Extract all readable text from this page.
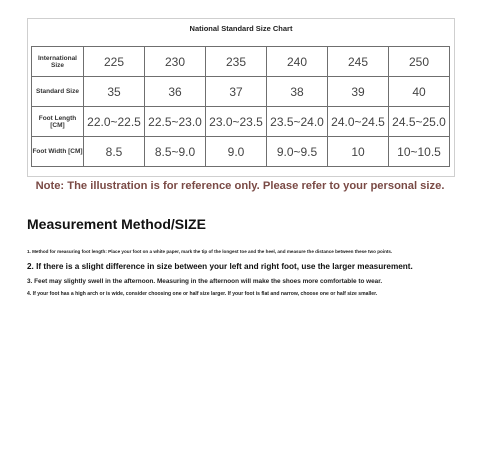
National Standard Size Chart
International Size	225	230	235	240	245	250
Standard Size	35	36	37	38	39	40
Foot Length [CM]	22.0~22.5	22.5~23.0	23.0~23.5	23.5~24.0	24.0~24.5	24.5~25.0
Foot Width [CM]	8.5	8.5~9.0	9.0	9.0~9.5	10	10~10.5
Note: The illustration is for reference only. Please refer to your personal size.
Measurement Method/SIZE
1. Method for measuring foot length: Place your foot on a white paper, mark the tip of the longest toe and the heel, and measure the distance between these two points.
2. If there is a slight difference in size between your left and right foot, use the larger measurement.
3. Feet may slightly swell in the afternoon. Measuring in the afternoon will make the shoes more comfortable to wear.
4. If your foot has a high arch or is wide, consider choosing one or half size larger. If your foot is flat and narrow, choose one or half size smaller.
